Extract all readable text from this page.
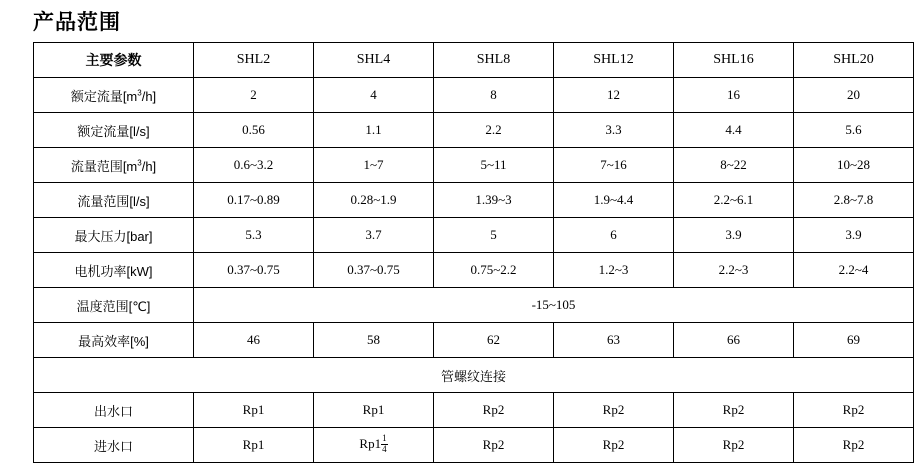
产品范围
主要参数	SHL2	SHL4	SHL8	SHL12	SHL16	SHL20
额定流量$[m^3/h]$	2	4	8	12	16	20
额定流量[l/s]	0.56	1.1	2.2	3.3	4.4	5.6
流量范围$[m^3/h]$	0.6~3.2	1~7	5~11	7~16	8~22	10~28
流量范围[l/s]	0.17~0.89	0.28~1.9	1.39~3	1.9~4.4	2.2~6.1	2.8~7.8
最大压力[bar]	5.3	3.7	5	6	3.9	3.9
电机功率[kW]	0.37~0.75	0.37~0.75	0.75~2.2	1.2~3	2.2~3	2.2~4
温度范围[℃]	-15~105					
最高效率[%]	46	58	62	63	66	69
管螺纹连接						
出水口	Rp1	Rp1	Rp2	Rp2	Rp2	Rp2
进水口	Rp1	$Rp1 \frac{1}{4}$	Rp2	Rp2	Rp2	Rp2
